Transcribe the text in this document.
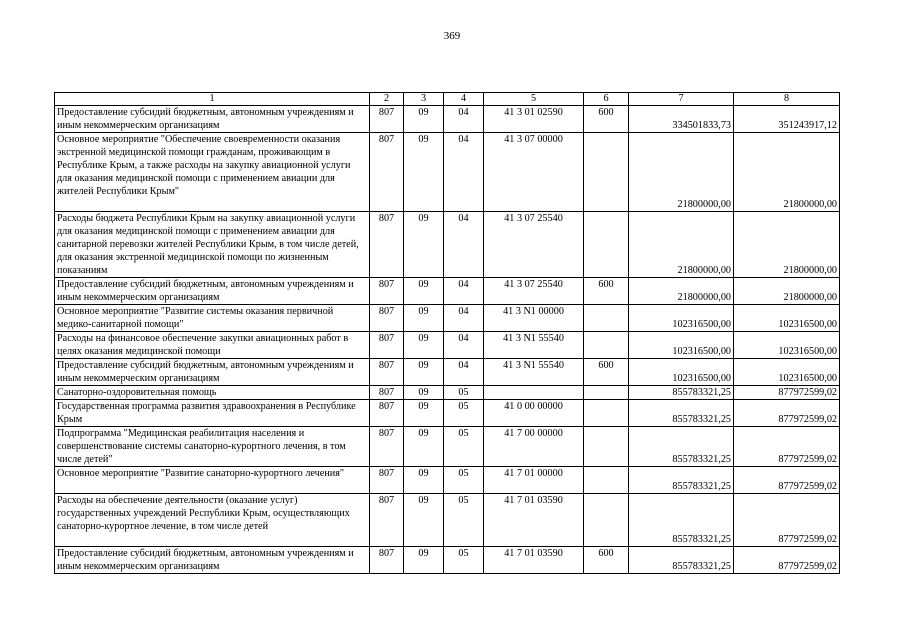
369
1	2	3	4	5	6	7	8
Предоставление субсидий бюджетным, автономным учреждениям и иным некоммерческим организациям	807	09	04	41 3 01 02590	600	334501833,73	351243917,12
Основное мероприятие "Обеспечение своевременности оказания экстренной медицинской помощи гражданам, проживающим в Республике Крым, а также расходы на закупку авиационной услуги для оказания медицинской помощи с применением авиации для жителей Республики Крым"	807	09	04	41 3 07 00000		21800000,00	21800000,00
Расходы бюджета Республики Крым на закупку авиационной услуги для оказания медицинской помощи с применением авиации для санитарной перевозки жителей Республики Крым, в том числе детей, для оказания экстренной медицинской помощи по жизненным показаниям	807	09	04	41 3 07 25540		21800000,00	21800000,00
Предоставление субсидий бюджетным, автономным учреждениям и иным некоммерческим организациям	807	09	04	41 3 07 25540	600	21800000,00	21800000,00
Основное мероприятие "Развитие системы оказания первичной медико-санитарной помощи"	807	09	04	41 3 N1 00000		102316500,00	102316500,00
Расходы на финансовое обеспечение закупки авиационных работ в целях оказания медицинской помощи	807	09	04	41 3 N1 55540		102316500,00	102316500,00
Предоставление субсидий бюджетным, автономным учреждениям и иным некоммерческим организациям	807	09	04	41 3 N1 55540	600	102316500,00	102316500,00
Санаторно-оздоровительная помощь	807	09	05			855783321,25	877972599,02
Государственная программа развития здравоохранения в Республике Крым	807	09	05	41 0 00 00000		855783321,25	877972599,02
Подпрограмма "Медицинская реабилитация населения и совершенствование системы санаторно-курортного лечения, в том числе детей"	807	09	05	41 7 00 00000		855783321,25	877972599,02
Основное мероприятие "Развитие санаторно-курортного лечения"	807	09	05	41 7 01 00000		855783321,25	877972599,02
Расходы на обеспечение деятельности (оказание услуг) государственных учреждений Республики Крым, осуществляющих санаторно-курортное лечение, в том числе детей	807	09	05	41 7 01 03590		855783321,25	877972599,02
Предоставление субсидий бюджетным, автономным учреждениям и иным некоммерческим организациям	807	09	05	41 7 01 03590	600	855783321,25	877972599,02
